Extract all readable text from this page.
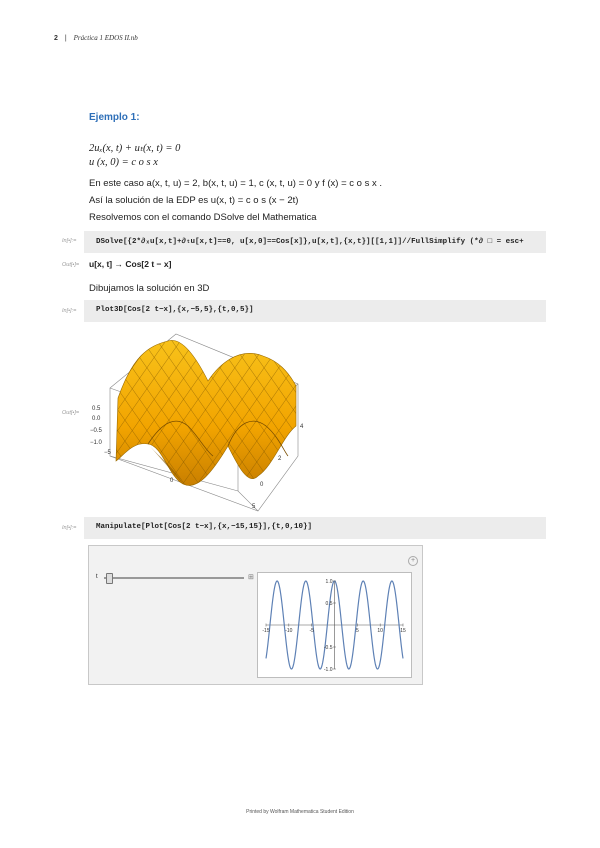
2 | Práctica 1 EDOS II.nb
Ejemplo 1:
2uₓ(x, t) + uₜ(x, t) = 0
u (x, 0) = c o s x
En este caso a(x, t, u) = 2, b(x, t, u) = 1, c (x, t, u) = 0 y f (x) = c o s x .
Así la solución de la EDP es u(x, t) = c o s (x − 2t)
Resolvemos con el comando DSolve del Mathematica
In[•]:=	DSolve[{2*∂ₓu[x,t]+∂ₜu[x,t]==0, u[x,0]==Cos[x]},u[x,t],{x,t}][[1,1]]//FullSimplify (*∂ □ = esc+
Out[•]= u[x, t] → Cos[2 t − x]
Dibujamos la solución en 3D
In[•]:=	Plot3D[Cos[2 t−x],{x,−5,5},{t,0,5}]
Out[•]=
0.5
0.0
−0.5
−1.0
−5
0
5
0
2
4
In[•]:=	Manipulate[Plot[Cos[2 t−x],{x,−15,15}],{t,0,10}]
+
t	⊞
-15	-10	-5	5	10	15
1.0
0.5
-0.5
-1.0
Printed by Wolfram Mathematica Student Edition
